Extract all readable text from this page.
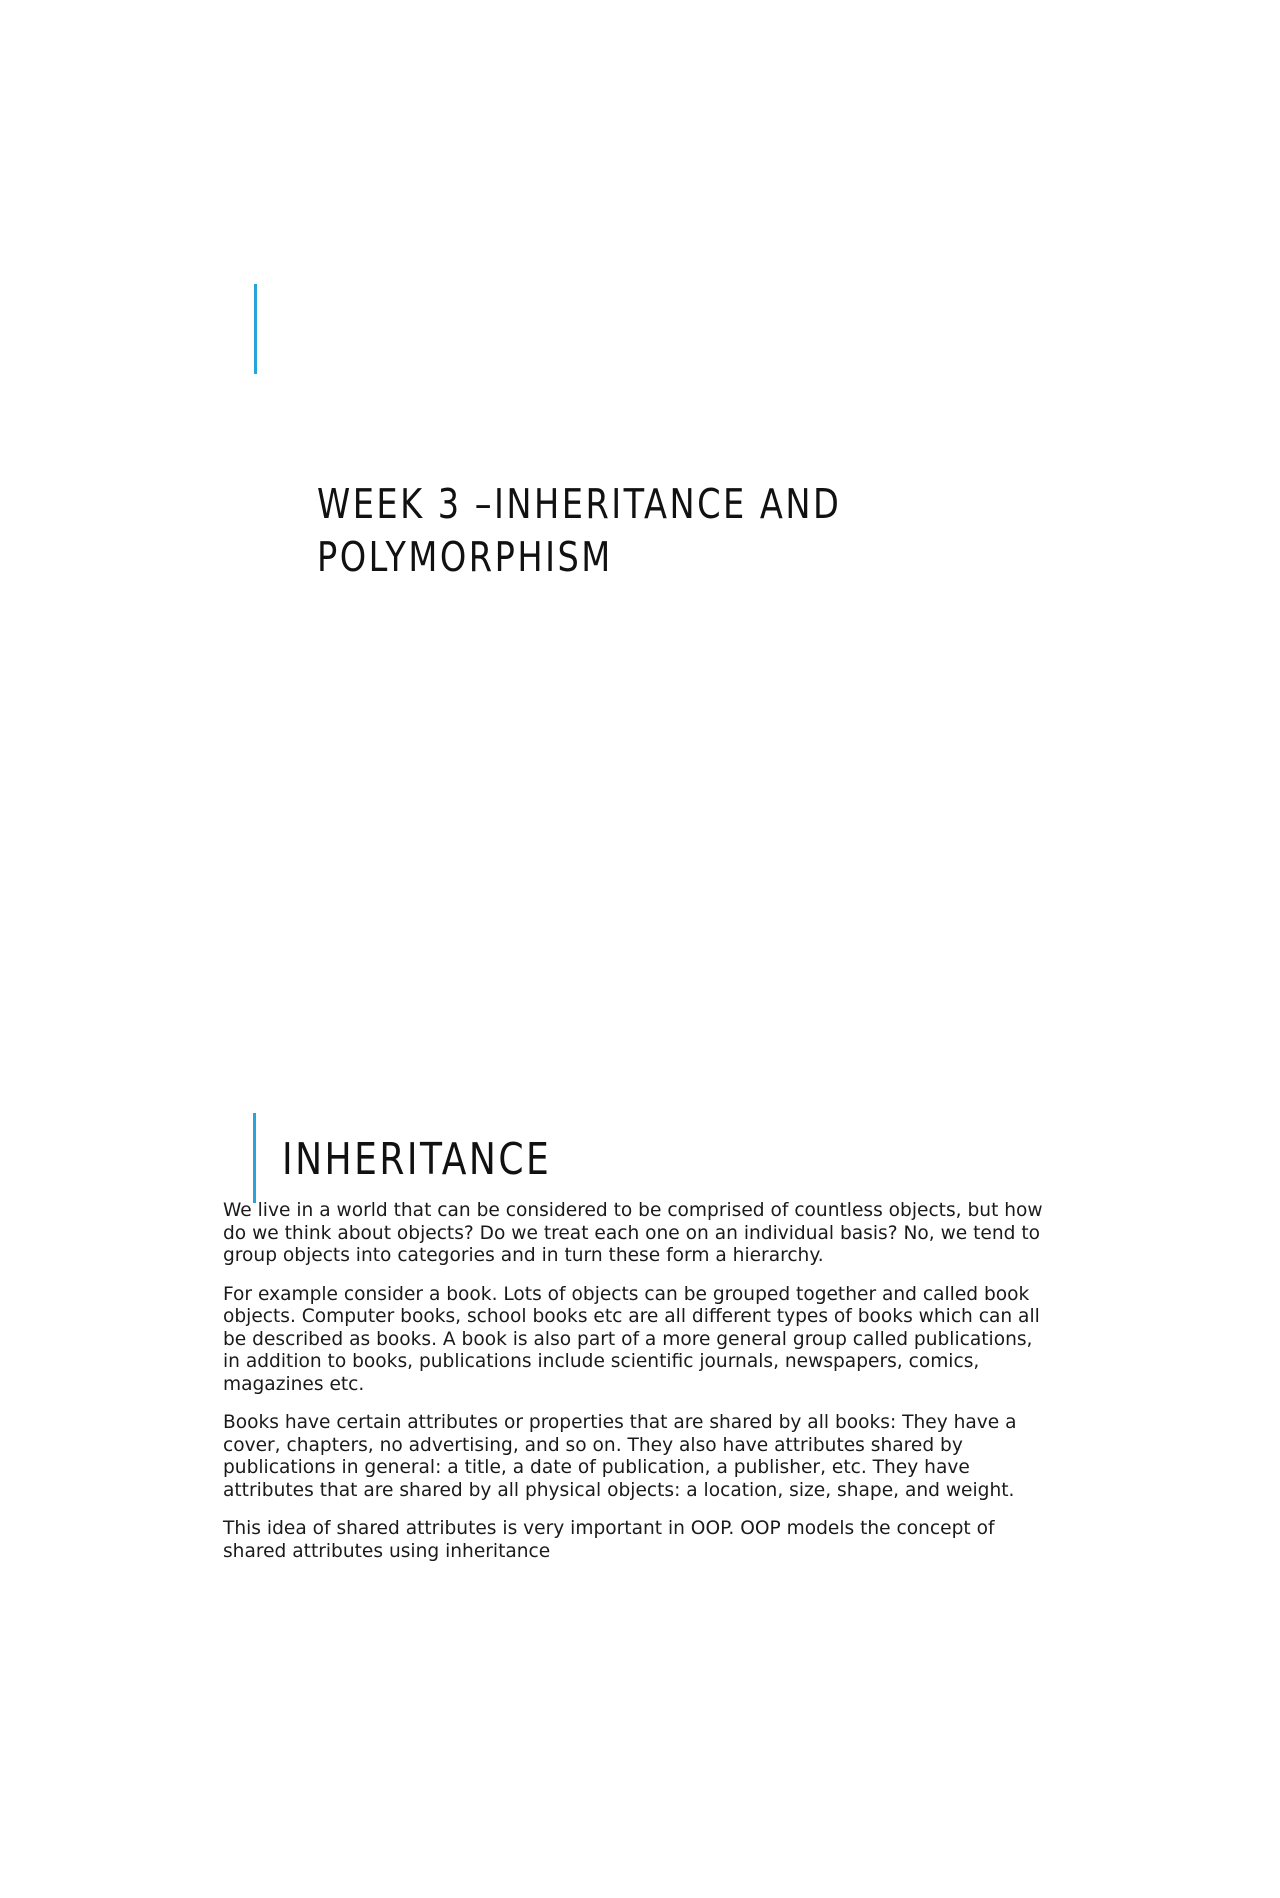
WEEK 3 –INHERITANCE AND POLYMORPHISM
INHERITANCE

We live in a world that can be considered to be comprised of countless objects, but how do we think about objects? Do we treat each one on an individual basis? No, we tend to group objects into categories and in turn these form a hierarchy.

For example consider a book. Lots of objects can be grouped together and called book objects. Computer books, school books etc are all different types of books which can all be described as books. A book is also part of a more general group called publications, in addition to books, publications include scientific journals, newspapers, comics, magazines etc.

Books have certain attributes or properties that are shared by all books: They have a cover, chapters, no advertising, and so on. They also have attributes shared by publications in general: a title, a date of publication, a publisher, etc. They have attributes that are shared by all physical objects: a location, size, shape, and weight.

This idea of shared attributes is very important in OOP. OOP models the concept of shared attributes using inheritance
